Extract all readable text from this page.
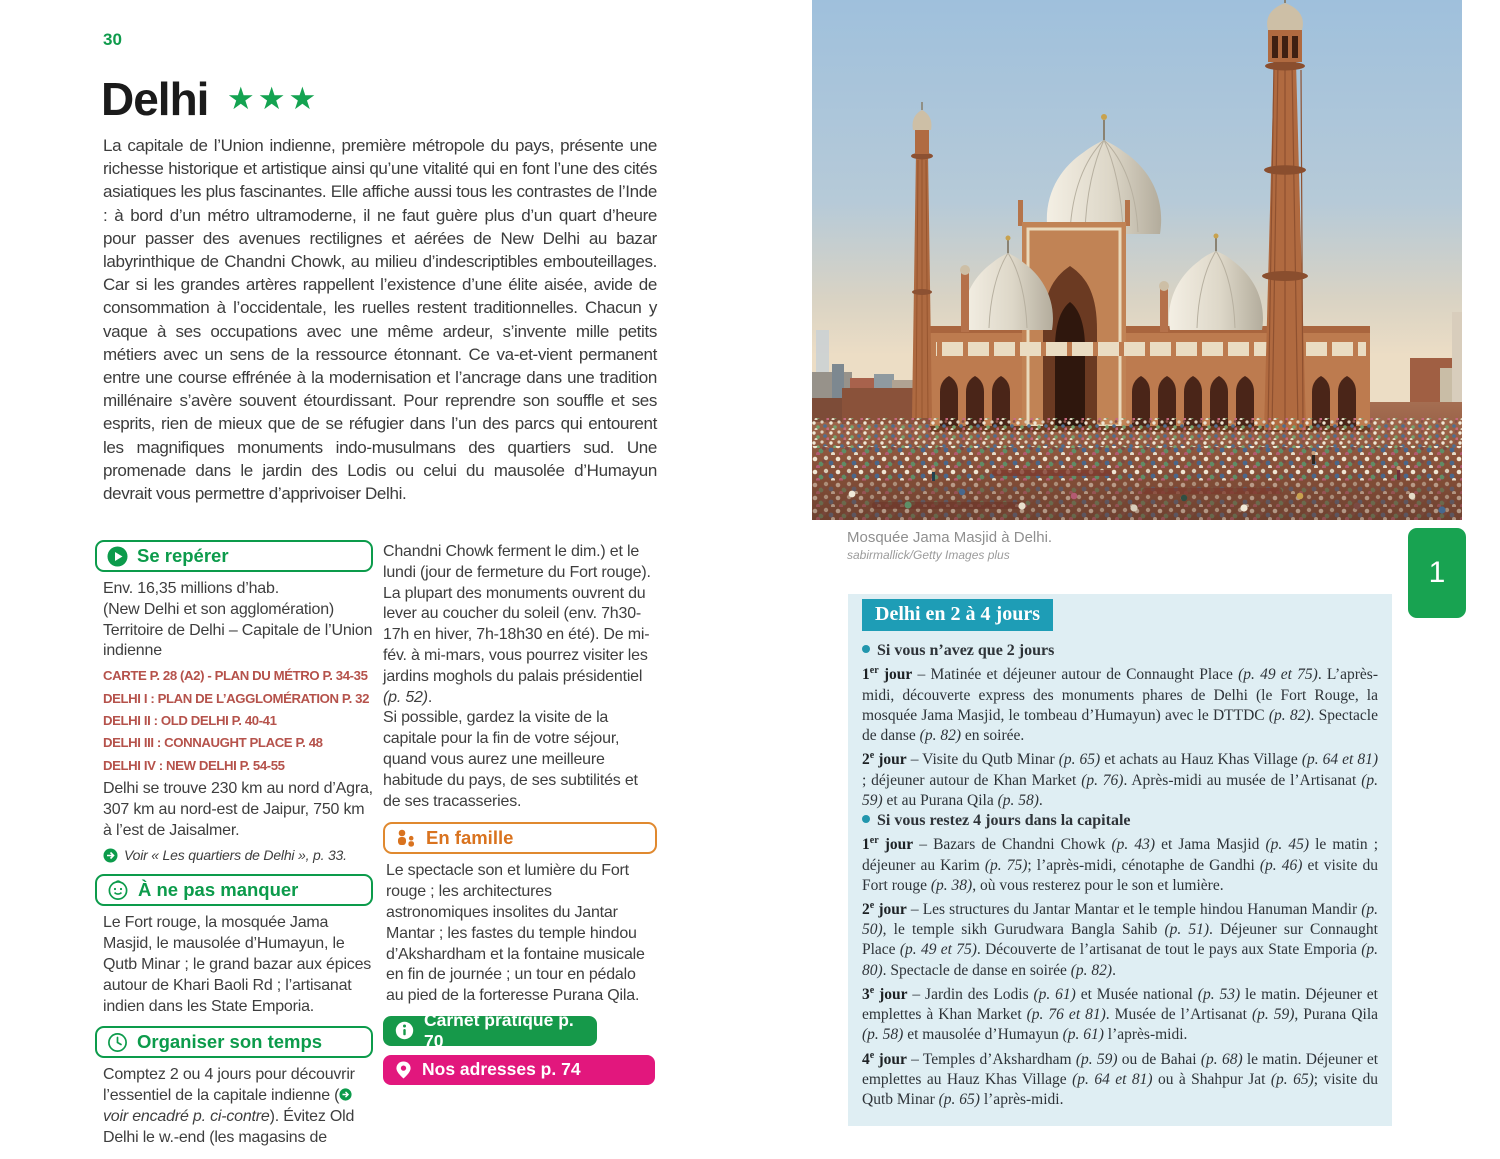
30
Delhi ★★★
La capitale de l’Union indienne, première métropole du pays, présente une richesse historique et artistique ainsi qu’une vitalité qui en font l’une des cités asiatiques les plus fascinantes. Elle affiche aussi tous les contrastes de l’Inde : à bord d’un métro ultramoderne, il ne faut guère plus d’un quart d’heure pour passer des avenues rectilignes et aérées de New Delhi au bazar labyrinthique de Chandni Chowk, au milieu d’indescriptibles embouteillages. Car si les grandes artères rappellent l’existence d’une élite aisée, avide de consommation à l’occidentale, les ruelles restent traditionnelles. Chacun y vaque à ses occupations avec une même ardeur, s’invente mille petits métiers avec un sens de la ressource étonnant. Ce va-et-vient permanent entre une course effrénée à la modernisation et l’ancrage dans une tradition millénaire s’avère souvent étourdissant. Pour reprendre son souffle et ses esprits, rien de mieux que de se réfugier dans l’un des parcs qui entourent les magnifiques monuments indo-musulmans des quartiers sud. Une promenade dans le jardin des Lodis ou celui du mausolée d’Humayun devrait vous permettre d’apprivoiser Delhi.
Se repérer
Env. 16,35 millions d’hab.
(New Delhi et son agglomération)
Territoire de Delhi – Capitale de l’Union indienne
CARTE P. 28 (A2) - PLAN DU MÉTRO P. 34-35
DELHI I : PLAN DE L’AGGLOMÉRATION P. 32
DELHI II : OLD DELHI P. 40-41
DELHI III : CONNAUGHT PLACE P. 48
DELHI IV : NEW DELHI P. 54-55

Delhi se trouve 230 km au nord d’Agra, 307 km au nord-est de Jaipur, 750 km à l’est de Jaisalmer.

Voir « Les quartiers de Delhi », p. 33.
À ne pas manquer

Le Fort rouge, la mosquée Jama Masjid, le mausolée d’Humayun, le Qutb Minar ; le grand bazar aux épices autour de Khari Baoli Rd ; l’artisanat indien dans les State Emporia.

Organiser son temps

Comptez 2 ou 4 jours pour découvrir l’essentiel de la capitale indienne (voir encadré p. ci-contre). Évitez Old Delhi le w.-end (les magasins de

Chandni Chowk ferment le dim.) et le lundi (jour de fermeture du Fort rouge). La plupart des monuments ouvrent du lever au coucher du soleil (env. 7h30-17h en hiver, 7h-18h30 en été). De mi-fév. à mi-mars, vous pourrez visiter les jardins moghols du palais présidentiel (p. 52).

Si possible, gardez la visite de la capitale pour la fin de votre séjour, quand vous aurez une meilleure habitude du pays, de ses subtilités et de ses tracasseries.

En famille

Le spectacle son et lumière du Fort rouge ; les architectures astronomiques insolites du Jantar Mantar ; les fastes du temple hindou d’Akshardham et la fontaine musicale en fin de journée ; un tour en pédalo au pied de la forteresse Purana Qila.

Carnet pratique p. 70
Nos adresses p. 74
Mosquée Jama Masjid à Delhi.
sabirmallick/Getty Images plus
1
Delhi en 2 à 4 jours

Si vous n’avez que 2 jours

1er jour – Matinée et déjeuner autour de Connaught Place (p. 49 et 75). L’après-midi, découverte express des monuments phares de Delhi (le Fort Rouge, la mosquée Jama Masjid, le tombeau d’Humayun) avec le DTTDC (p. 82). Spectacle de danse (p. 82) en soirée.

2e jour – Visite du Qutb Minar (p. 65) et achats au Hauz Khas Village (p. 64 et 81) ; déjeuner autour de Khan Market (p. 76). Après-midi au musée de l’Artisanat (p. 59) et au Purana Qila (p. 58).

Si vous restez 4 jours dans la capitale

1er jour – Bazars de Chandni Chowk (p. 43) et Jama Masjid (p. 45) le matin ; déjeuner au Karim (p. 75); l’après-midi, cénotaphe de Gandhi (p. 46) et visite du Fort rouge (p. 38), où vous resterez pour le son et lumière.

2e jour – Les structures du Jantar Mantar et le temple hindou Hanuman Mandir (p. 50), le temple sikh Gurudwara Bangla Sahib (p. 51). Déjeuner sur Connaught Place (p. 49 et 75). Découverte de l’artisanat de tout le pays aux State Emporia (p. 80). Spectacle de danse en soirée (p. 82).

3e jour – Jardin des Lodis (p. 61) et Musée national (p. 53) le matin. Déjeuner et emplettes à Khan Market (p. 76 et 81). Musée de l’Artisanat (p. 59), Purana Qila (p. 58) et mausolée d’Humayun (p. 61) l’après-midi.

4e jour – Temples d’Akshardham (p. 59) ou de Bahai (p. 68) le matin. Déjeuner et emplettes au Hauz Khas Village (p. 64 et 81) ou à Shahpur Jat (p. 65); visite du Qutb Minar (p. 65) l’après-midi.
